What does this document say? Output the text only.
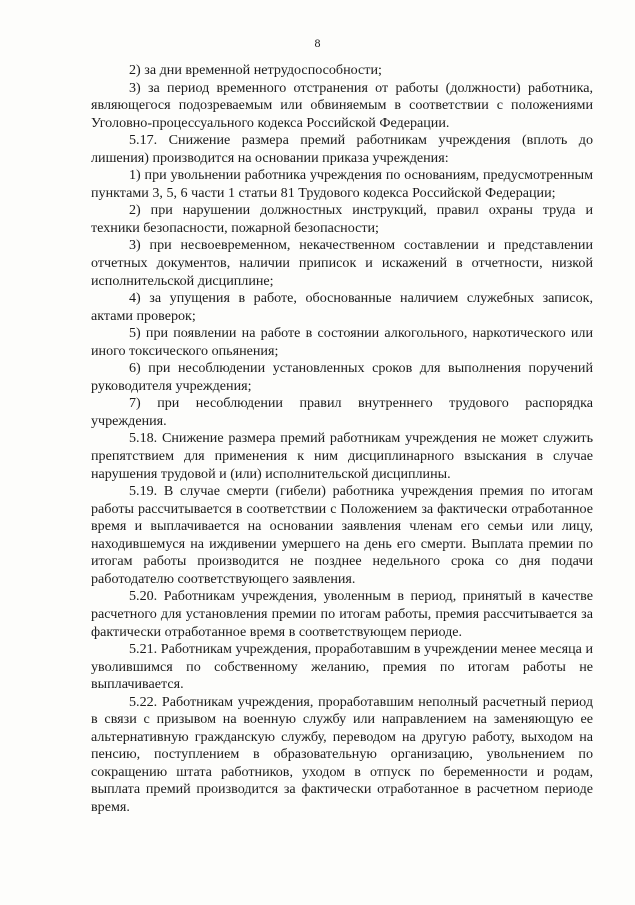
8

2) за дни временной нетрудоспособности;

3) за период временного отстранения от работы (должности) работника, являющегося подозреваемым или обвиняемым в соответствии с положениями Уголовно-процессуального кодекса Российской Федерации.

5.17. Снижение размера премий работникам учреждения (вплоть до лишения) производится на основании приказа учреждения:

1) при увольнении работника учреждения по основаниям, предусмотренным пунктами 3, 5, 6 части 1 статьи 81 Трудового кодекса Российской Федерации;

2) при нарушении должностных инструкций, правил охраны труда и техники безопасности, пожарной безопасности;

3) при несвоевременном, некачественном составлении и представлении отчетных документов, наличии приписок и искажений в отчетности, низкой исполнительской дисциплине;

4) за упущения в работе, обоснованные наличием служебных записок, актами проверок;

5) при появлении на работе в состоянии алкогольного, наркотического или иного токсического опьянения;

6) при несоблюдении установленных сроков для выполнения поручений руководителя учреждения;

7) при несоблюдении правил внутреннего трудового распорядка учреждения.

5.18. Снижение размера премий работникам учреждения не может служить препятствием для применения к ним дисциплинарного взыскания в случае нарушения трудовой и (или) исполнительской дисциплины.

5.19. В случае смерти (гибели) работника учреждения премия по итогам работы рассчитывается в соответствии с Положением за фактически отработанное время и выплачивается на основании заявления членам его семьи или лицу, находившемуся на иждивении умершего на день его смерти. Выплата премии по итогам работы производится не позднее недельного срока со дня подачи работодателю соответствующего заявления.

5.20. Работникам учреждения, уволенным в период, принятый в качестве расчетного для установления премии по итогам работы, премия рассчитывается за фактически отработанное время в соответствующем периоде.

5.21. Работникам учреждения, проработавшим в учреждении менее месяца и уволившимся по собственному желанию, премия по итогам работы не выплачивается.

5.22. Работникам учреждения, проработавшим неполный расчетный период в связи с призывом на военную службу или направлением на заменяющую ее альтернативную гражданскую службу, переводом на другую работу, выходом на пенсию, поступлением в образовательную организацию, увольнением по сокращению штата работников, уходом в отпуск по беременности и родам, выплата премий производится за фактически отработанное в расчетном периоде время.
